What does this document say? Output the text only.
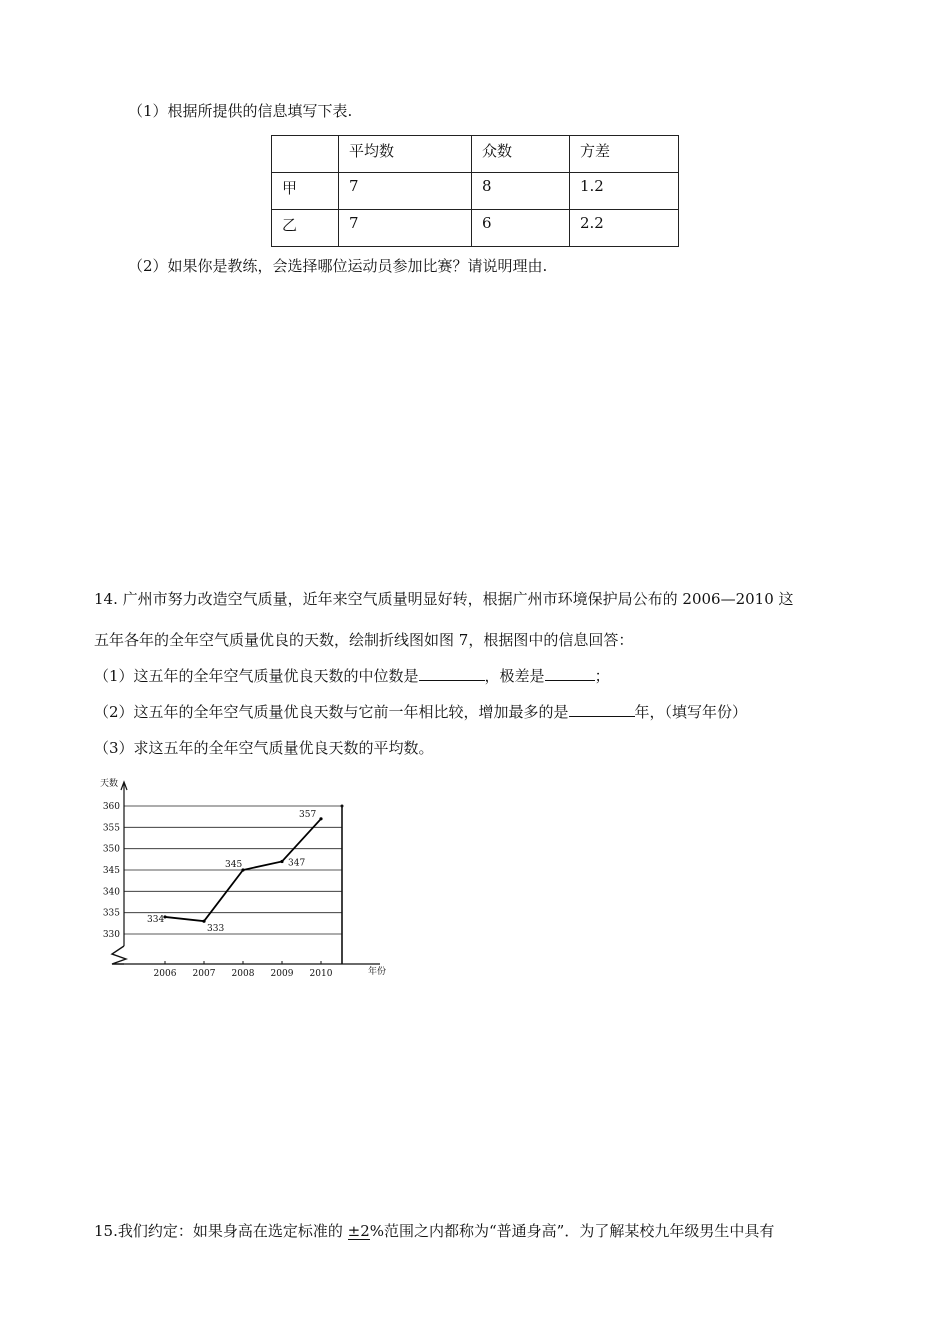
（1）根据所提供的信息填写下表.
	平均数	众数	方差
甲	7	8	1.2
乙	7	6	2.2
（2）如果你是教练，会选择哪位运动员参加比赛？请说明理由.
14. 广州市努力改造空气质量，近年来空气质量明显好转，根据广州市环境保护局公布的 2006—2010 这
五年各年的全年空气质量优良的天数，绘制折线图如图 7，根据图中的信息回答：
（1）这五年的全年空气质量优良天数的中位数是	，极差是	；
（2）这五年的全年空气质量优良天数与它前一年相比较，增加最多的是	年，（填写年份）
（3）求这五年的全年空气质量优良天数的平均数。
天数
年份
360
355
350
345
340
335
330
2006 2007 2008 2009 2010
334
333
345	347
357
15.我们约定：如果身高在选定标准的 ±2%范围之内都称为“普通身高”．为了解某校九年级男生中具有
